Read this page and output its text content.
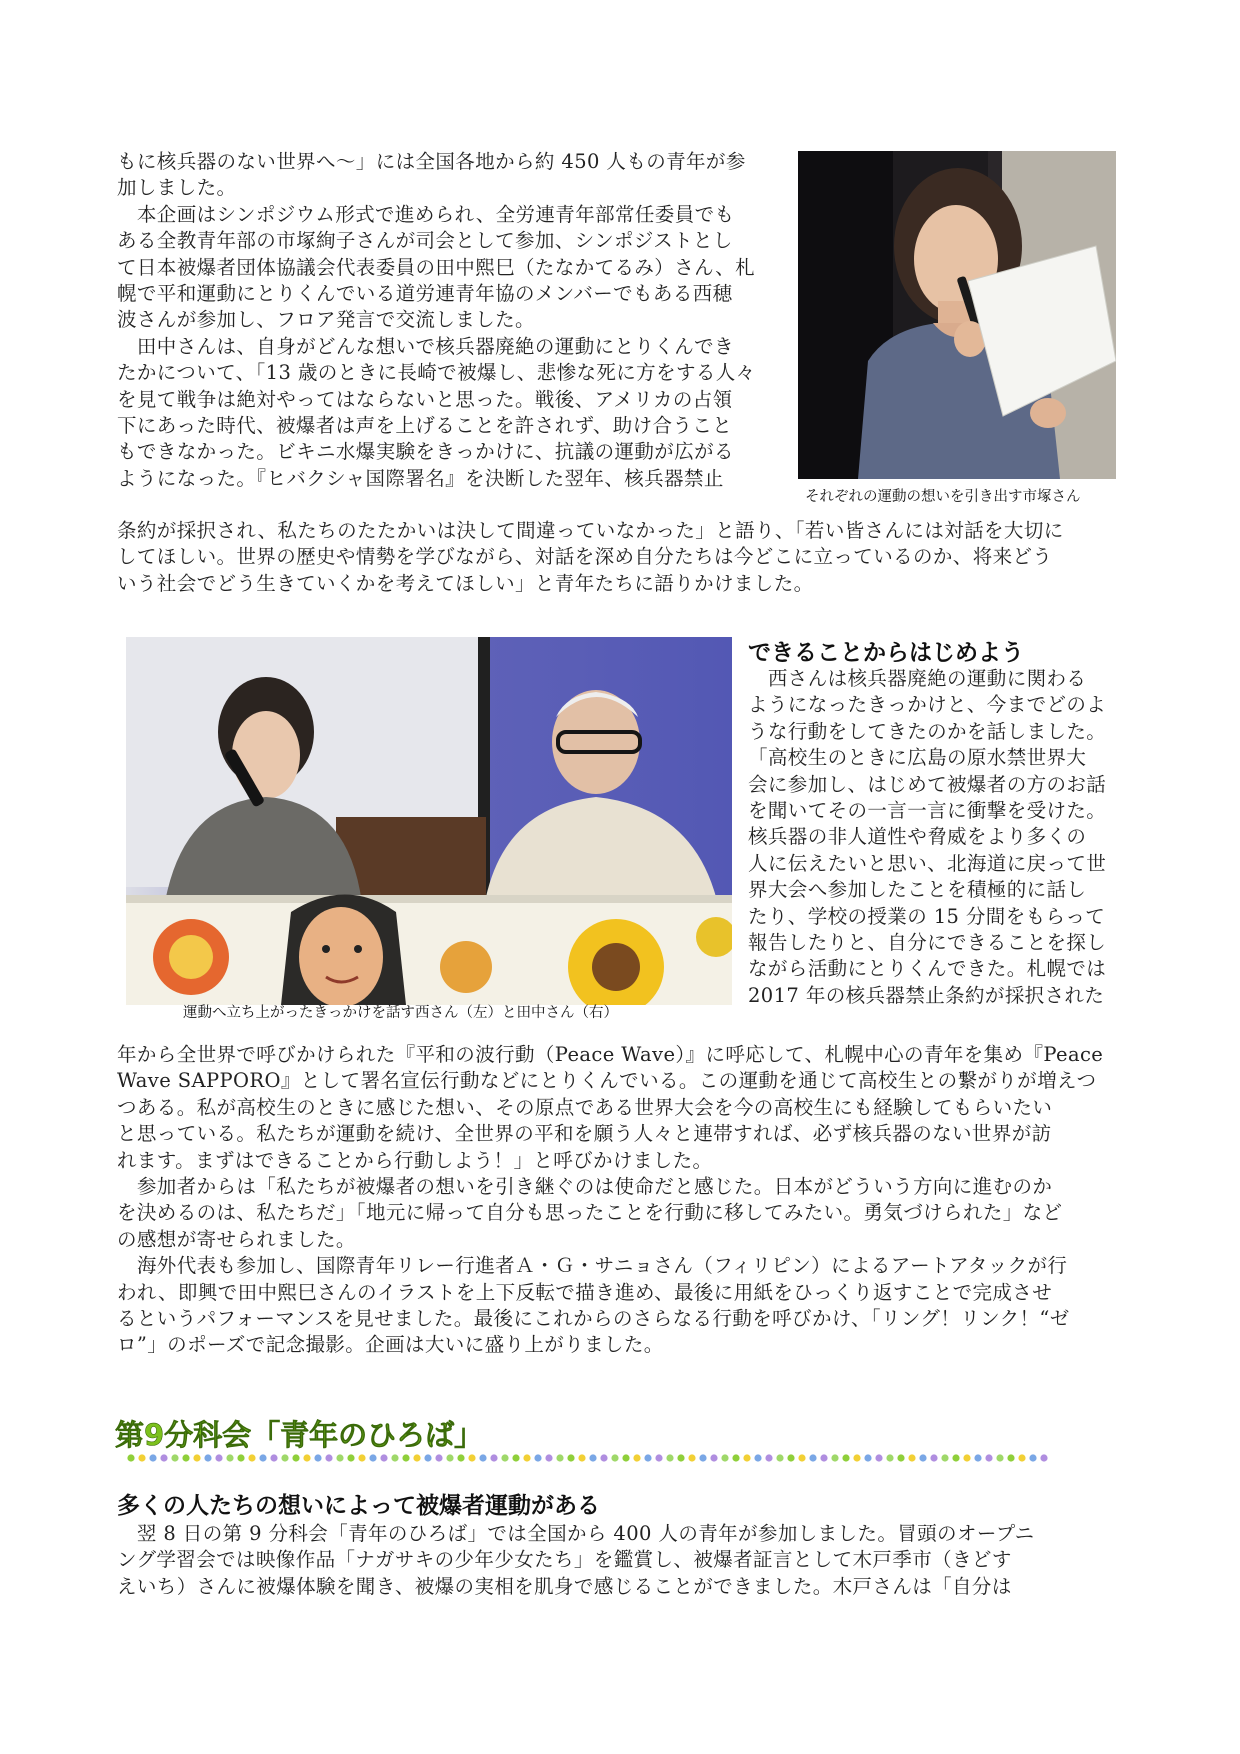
もに核兵器のない世界へ～」には全国各地から約 450 人もの青年が参
加しました。
　本企画はシンポジウム形式で進められ、全労連青年部常任委員でも
ある全教青年部の市塚絢子さんが司会として参加、シンポジストとし
て日本被爆者団体協議会代表委員の田中熙巳（たなかてるみ）さん、札
幌で平和運動にとりくんでいる道労連青年協のメンバーでもある西穂
波さんが参加し、フロア発言で交流しました。
　田中さんは、自身がどんな想いで核兵器廃絶の運動にとりくんでき
たかについて、「13 歳のときに長崎で被爆し、悲惨な死に方をする人々
を見て戦争は絶対やってはならないと思った。戦後、アメリカの占領
下にあった時代、被爆者は声を上げることを許されず、助け合うこと
もできなかった。ビキニ水爆実験をきっかけに、抗議の運動が広がる
ようになった。『ヒバクシャ国際署名』を決断した翌年、核兵器禁止
それぞれの運動の想いを引き出す市塚さん
条約が採択され、私たちのたたかいは決して間違っていなかった」と語り、「若い皆さんには対話を大切に
してほしい。世界の歴史や情勢を学びながら、対話を深め自分たちは今どこに立っているのか、将来どう
いう社会でどう生きていくかを考えてほしい」と青年たちに語りかけました。
運動へ立ち上がったきっかけを話す西さん（左）と田中さん（右）
できることからはじめよう
　西さんは核兵器廃絶の運動に関わる
ようになったきっかけと、今までどのよ
うな行動をしてきたのかを話しました。
「高校生のときに広島の原水禁世界大
会に参加し、はじめて被爆者の方のお話
を聞いてその一言一言に衝撃を受けた。
核兵器の非人道性や脅威をより多くの
人に伝えたいと思い、北海道に戻って世
界大会へ参加したことを積極的に話し
たり、学校の授業の 15 分間をもらって
報告したりと、自分にできることを探し
ながら活動にとりくんできた。札幌では
2017 年の核兵器禁止条約が採択された
年から全世界で呼びかけられた『平和の波行動（Peace Wave）』に呼応して、札幌中心の青年を集め『Peace
Wave SAPPORO』として署名宣伝行動などにとりくんでいる。この運動を通じて高校生との繋がりが増えつ
つある。私が高校生のときに感じた想い、その原点である世界大会を今の高校生にも経験してもらいたい
と思っている。私たちが運動を続け、全世界の平和を願う人々と連帯すれば、必ず核兵器のない世界が訪
れます。まずはできることから行動しよう！」と呼びかけました。
　参加者からは「私たちが被爆者の想いを引き継ぐのは使命だと感じた。日本がどういう方向に進むのか
を決めるのは、私たちだ」「地元に帰って自分も思ったことを行動に移してみたい。勇気づけられた」など
の感想が寄せられました。
　海外代表も参加し、国際青年リレー行進者Ａ・Ｇ・サニョさん（フィリピン）によるアートアタックが行
われ、即興で田中熙巳さんのイラストを上下反転で描き進め、最後に用紙をひっくり返すことで完成させ
るというパフォーマンスを見せました。最後にこれからのさらなる行動を呼びかけ、「リング！リンク！“ゼ
ロ”」のポーズで記念撮影。企画は大いに盛り上がりました。
第9分科会「青年のひろば」
多くの人たちの想いによって被爆者運動がある
　翌 8 日の第 9 分科会「青年のひろば」では全国から 400 人の青年が参加しました。冒頭のオープニ
ング学習会では映像作品「ナガサキの少年少女たち」を鑑賞し、被爆者証言として木戸季市（きどす
えいち）さんに被爆体験を聞き、被爆の実相を肌身で感じることができました。木戸さんは「自分は
